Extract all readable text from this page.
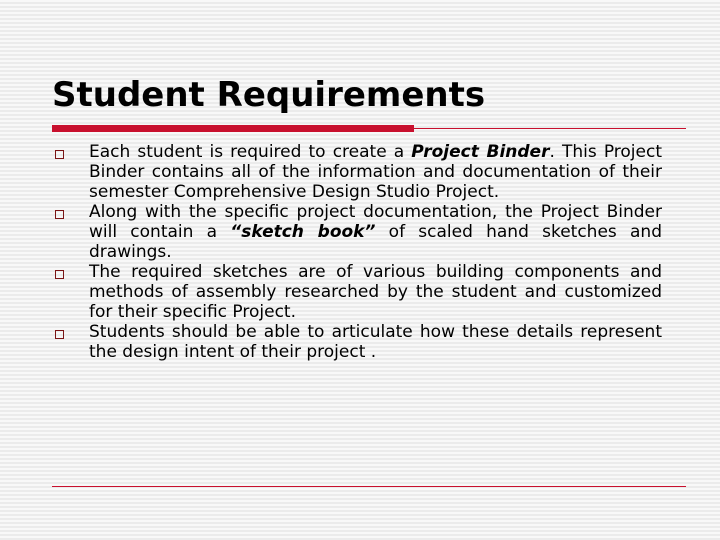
Student Requirements
Each student is required to create a Project Binder. This Project Binder contains all of the information and documentation of their semester Comprehensive Design Studio Project.
Along with the specific project documentation, the Project Binder will contain a “sketch book” of scaled hand sketches and drawings.
The required sketches are of various building components and methods of assembly researched by the student and customized for their specific Project.
Students should be able to articulate how these details represent the design intent of their project .
